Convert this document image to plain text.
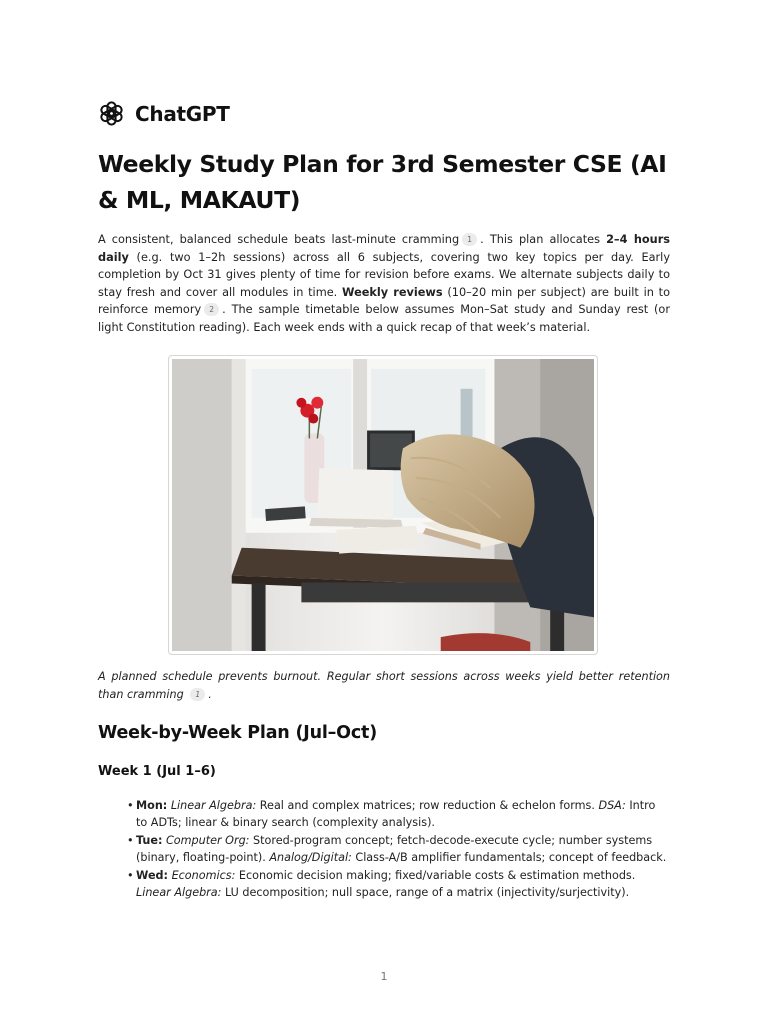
ChatGPT
Weekly Study Plan for 3rd Semester CSE (AI & ML, MAKAUT)

A consistent, balanced schedule beats last-minute cramming 1 . This plan allocates 2–4 hours daily (e.g. two 1–2h sessions) across all 6 subjects, covering two key topics per day. Early completion by Oct 31 gives plenty of time for revision before exams. We alternate subjects daily to stay fresh and cover all modules in time. Weekly reviews (10–20 min per subject) are built in to reinforce memory 2 . The sample timetable below assumes Mon–Sat study and Sunday rest (or light Constitution reading). Each week ends with a quick recap of that week’s material.

A planned schedule prevents burnout. Regular short sessions across weeks yield better retention than cramming 1 .

Week-by-Week Plan (Jul–Oct)
Week 1 (Jul 1–6)
• Mon: Linear Algebra: Real and complex matrices; row reduction & echelon forms. DSA: Intro to ADTs; linear & binary search (complexity analysis).
• Tue: Computer Org: Stored-program concept; fetch-decode-execute cycle; number systems (binary, floating-point). Analog/Digital: Class-A/B amplifier fundamentals; concept of feedback.
• Wed: Economics: Economic decision making; fixed/variable costs & estimation methods. Linear Algebra: LU decomposition; null space, range of a matrix (injectivity/surjectivity).
1
